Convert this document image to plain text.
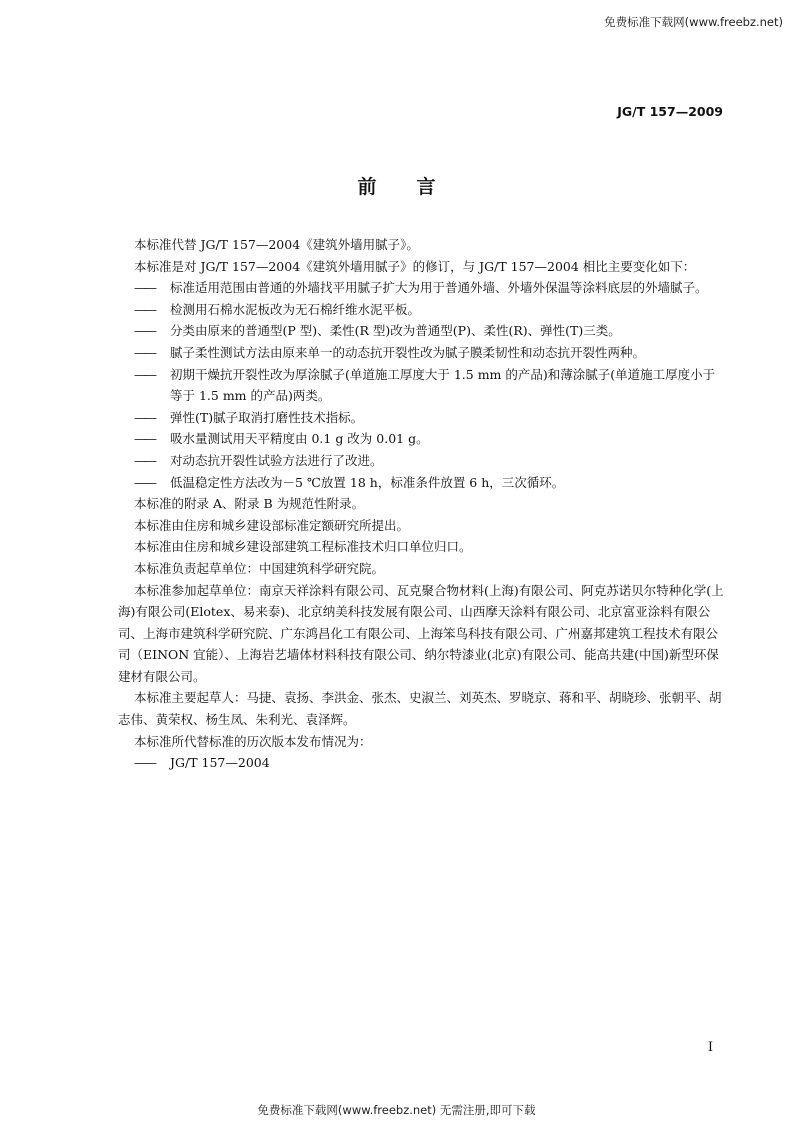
免费标准下载网(www.freebz.net)
JG/T 157—2009
前言

本标准代替 JG/T 157—2004《建筑外墙用腻子》。

本标准是对 JG/T 157—2004《建筑外墙用腻子》的修订，与 JG/T 157—2004 相比主要变化如下：

——标准适用范围由普通的外墙找平用腻子扩大为用于普通外墙、外墙外保温等涂料底层的外墙腻子。

——检测用石棉水泥板改为无石棉纤维水泥平板。

——分类由原来的普通型(P 型)、柔性(R 型)改为普通型(P)、柔性(R)、弹性(T)三类。

——腻子柔性测试方法由原来单一的动态抗开裂性改为腻子膜柔韧性和动态抗开裂性两种。

——初期干燥抗开裂性改为厚涂腻子(单道施工厚度大于 1.5 mm 的产品)和薄涂腻子(单道施工厚度小于等于 1.5 mm 的产品)两类。

——弹性(T)腻子取消打磨性技术指标。

——吸水量测试用天平精度由 0.1 g 改为 0.01 g。

——对动态抗开裂性试验方法进行了改进。

——低温稳定性方法改为－5 ℃放置 18 h，标准条件放置 6 h，三次循环。

本标准的附录 A、附录 B 为规范性附录。

本标准由住房和城乡建设部标准定额研究所提出。

本标准由住房和城乡建设部建筑工程标准技术归口单位归口。

本标准负责起草单位：中国建筑科学研究院。

本标准参加起草单位：南京天祥涂料有限公司、瓦克聚合物材料(上海)有限公司、阿克苏诺贝尔特种化学(上海)有限公司(Elotex、易来泰)、北京纳美科技发展有限公司、山西摩天涂料有限公司、北京富亚涂料有限公司、上海市建筑科学研究院、广东鸿昌化工有限公司、上海笨鸟科技有限公司、广州嘉邦建筑工程技术有限公司（EINON 宜能）、上海岩艺墙体材料科技有限公司、纳尔特漆业(北京)有限公司、能高共建(中国)新型环保建材有限公司。

本标准主要起草人：马捷、袁扬、李洪金、张杰、史淑兰、刘英杰、罗晓京、蒋和平、胡晓珍、张朝平、胡志伟、黄荣权、杨生凤、朱利光、袁泽辉。

本标准所代替标准的历次版本发布情况为：

——JG/T 157—2004

I
免费标准下载网(www.freebz.net) 无需注册,即可下载
